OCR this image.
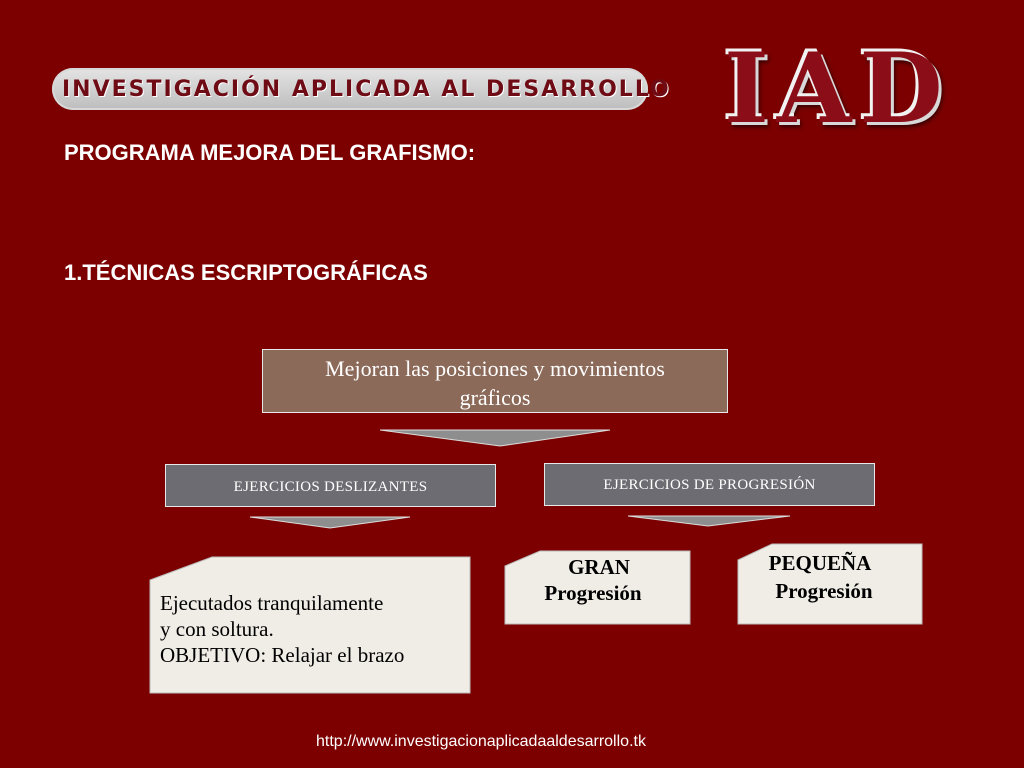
INVESTIGACIÓN APLICADA AL DESARROLLO IAD
PROGRAMA MEJORA DEL GRAFISMO:
1.TÉCNICAS ESCRIPTOGRÁFICAS
Mejoran las posiciones y movimientos
gráficos
EJERCICIOS DESLIZANTES	EJERCICIOS DE PROGRESIÓN
Ejecutados tranquilamente
y con soltura.
OBJETIVO: Relajar el brazo
GRAN
Progresión
PEQUEÑA
Progresión
http://www.investigacionaplicadaaldesarrollo.tk
